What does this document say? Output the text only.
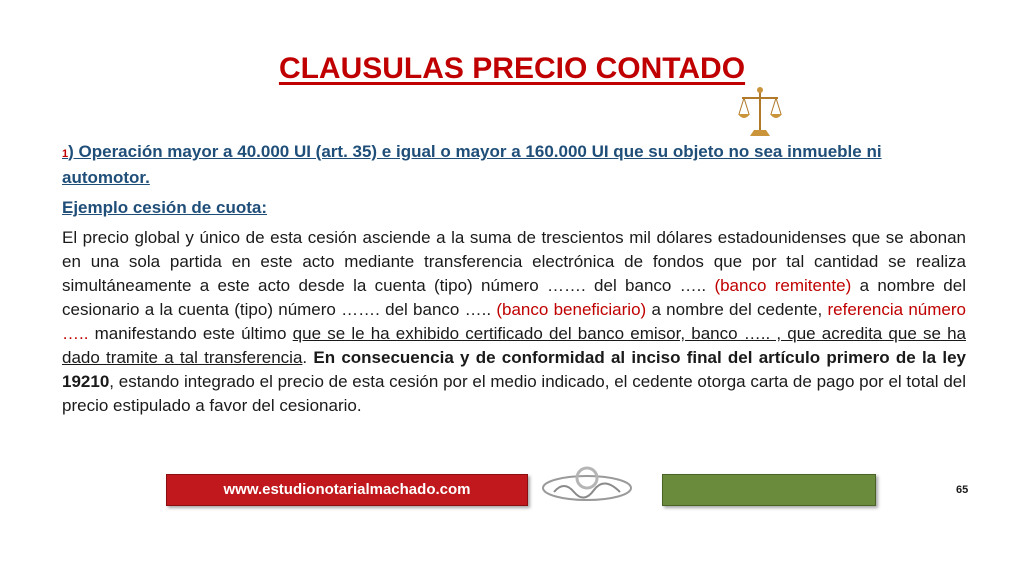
CLAUSULAS PRECIO CONTADO

1) Operación mayor a 40.000 UI (art. 35) e igual o mayor a 160.000 UI que su objeto no sea inmueble ni automotor.

Ejemplo cesión de cuota:

El precio global y único de esta cesión asciende a la suma de trescientos mil dólares estadounidenses que se abonan en una sola partida en este acto mediante transferencia electrónica de fondos que por tal cantidad se realiza simultáneamente a este acto desde la cuenta (tipo) número ……. del banco ….. (banco remitente) a nombre del cesionario a la cuenta (tipo) número ……. del banco ….. (banco beneficiario) a nombre del cedente, referencia número ….. manifestando este último que se le ha exhibido certificado del banco emisor, banco ….. , que acredita que se ha dado tramite a tal transferencia. En consecuencia y de conformidad al inciso final del artículo primero de la ley 19210, estando integrado el precio de esta cesión por el medio indicado, el cedente otorga carta de pago por el total del precio estipulado a favor del cesionario.

www.estudionotarialmachado.com	65
